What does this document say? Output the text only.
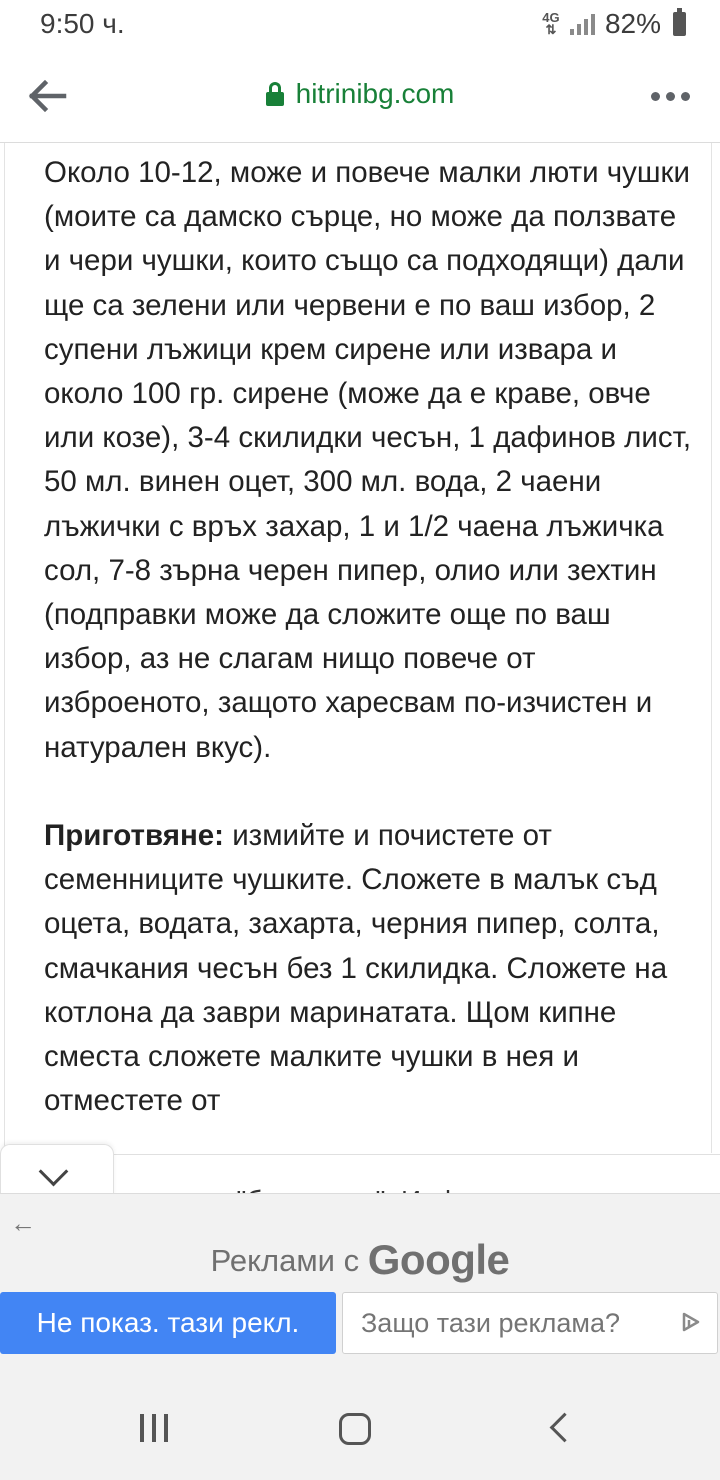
9:50 ч.	4G
⇅ 82%
hitrinibg.com

Около 10-12, може и повече малки люти чушки (моите са дамско сърце, но може да ползвате и чери чушки, които също са подходящи) дали ще са зелени или червени е по ваш избор, 2 супени лъжици крем сирене или извара и около 100 гр. сирене (може да е краве, овче или козе), 3-4 скилидки чесън, 1 дафинов лист, 50 мл. винен оцет, 300 мл. вода, 2 чаени лъжички с връх захар, 1 и 1/2 чаена лъжичка сол, 7-8 зърна черен пипер, олио или зехтин (подправки може да сложите още по ваш избор, аз не слагам нищо повече от изброеното, защото харесвам по-изчистен и натурален вкус).

Приготвяне: измийте и почистете от семенниците чушките. Сложете в малък съд оцета, водата, захарта, черния пипер, солта, смачкания чесън без 1 скилидка. Сложете на котлона да заври маринатата. Щом кипне сместа сложете малките чушки в нея и отместете от

←
Реклами с Google
Не показ. тази рекл.	Защо тази реклама?
